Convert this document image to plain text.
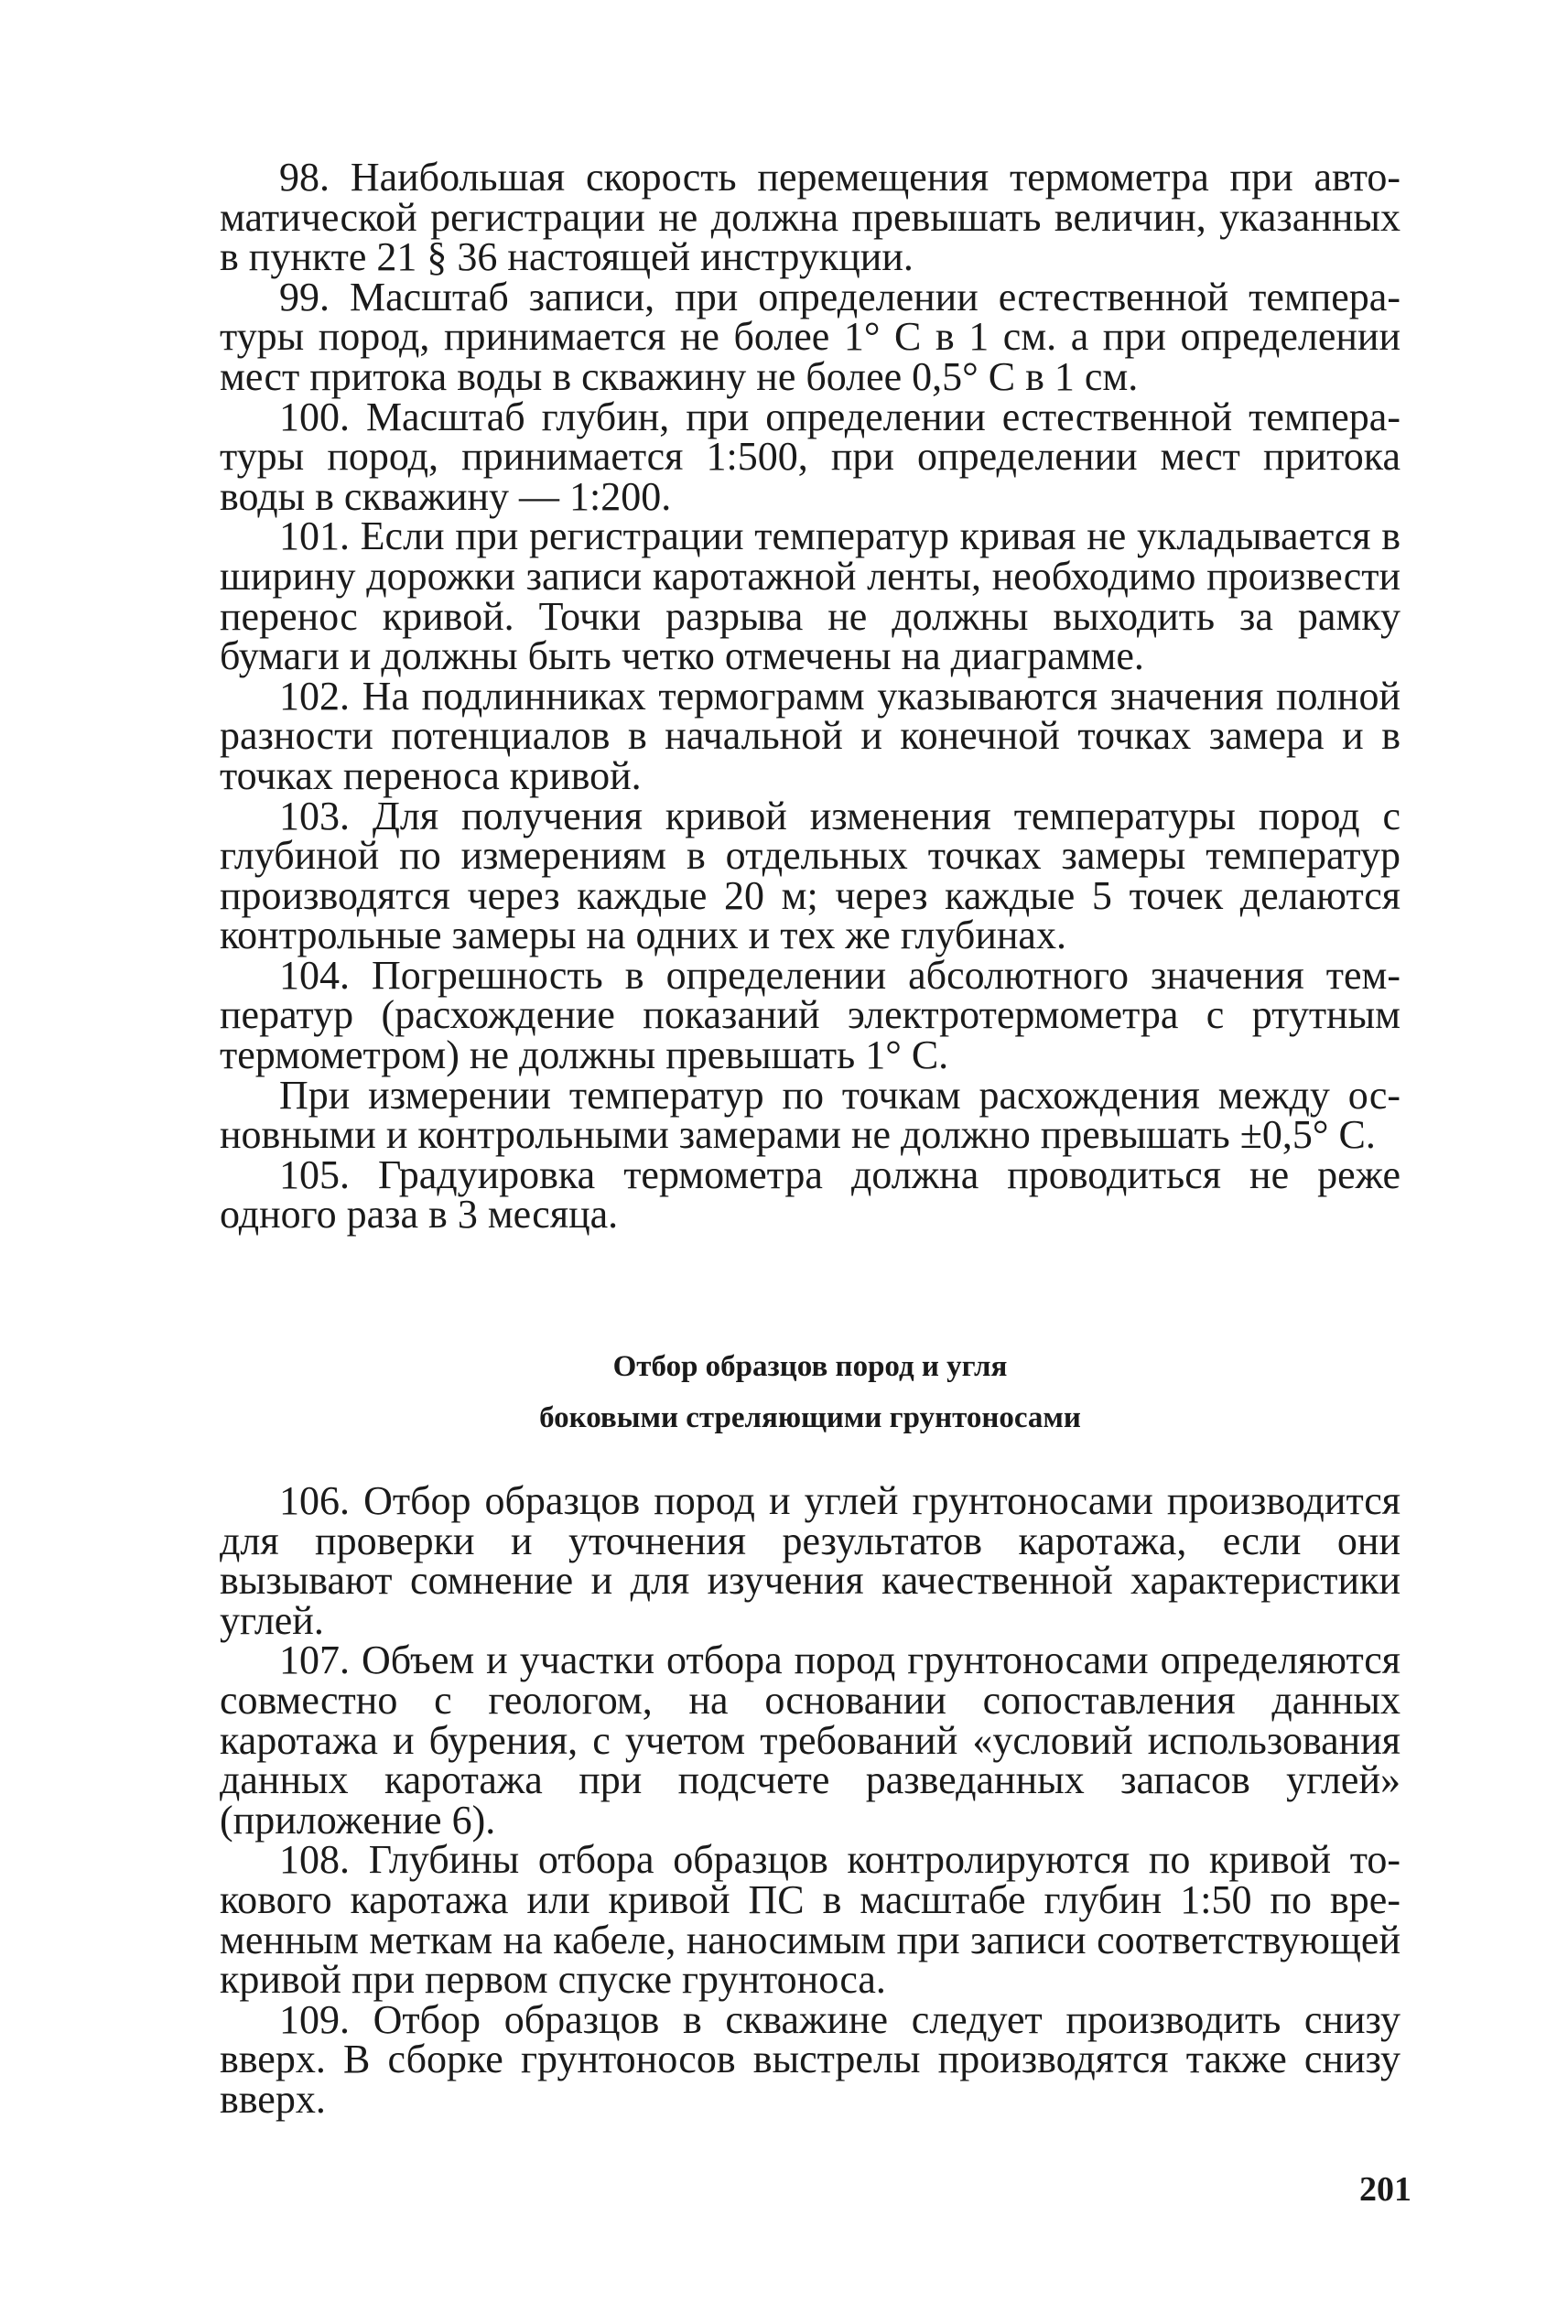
98. Наибольшая скорость перемещения термометра при автоматической регистрации не должна превышать величин, указанных в пункте 21 § 36 настоящей инструкции.

99. Масштаб записи, при определении естественной температуры пород, принимается не более 1° С в 1 см. а при определении мест притока воды в скважину не более 0,5° С в 1 см.

100. Масштаб глубин, при определении естественной температуры пород, принимается 1:500, при определении мест притока воды в скважину — 1:200.

101. Если при регистрации температур кривая не укладывается в ширину дорожки записи каротажной ленты, необходимо произвести перенос кривой. Точки разрыва не должны выходить за рамку бумаги и должны быть четко отмечены на диаграмме.

102. На подлинниках термограмм указываются значения полной разности потенциалов в начальной и конечной точках замера и в точках переноса кривой.

103. Для получения кривой изменения температуры пород с глубиной по измерениям в отдельных точках замеры температур производятся через каждые 20 м; через каждые 5 точек делаются контрольные замеры на одних и тех же глубинах.

104. Погрешность в определении абсолютного значения температур (расхождение показаний электротермометра с ртутным термометром) не должны превышать 1° С.

При измерении температур по точкам расхождения между основными и контрольными замерами не должно превышать ±0,5° С.

105. Градуировка термометра должна проводиться не реже одного раза в 3 месяца.

Отбор образцов пород и угля
боковыми стреляющими грунтоносами

106. Отбор образцов пород и углей грунтоносами производится для проверки и уточнения результатов каротажа, если они вызывают сомнение и для изучения качественной характеристики углей.

107. Объем и участки отбора пород грунтоносами определяются совместно с геологом, на основании сопоставления данных каротажа и бурения, с учетом требований «условий использования данных каротажа при подсчете разведанных запасов углей» (приложение 6).

108. Глубины отбора образцов контролируются по кривой токового каротажа или кривой ПС в масштабе глубин 1:50 по временным меткам на кабеле, наносимым при записи соответствующей кривой при первом спуске грунтоноса.

109. Отбор образцов в скважине следует производить снизу вверх. В сборке грунтоносов выстрелы производятся также снизу вверх.

201
